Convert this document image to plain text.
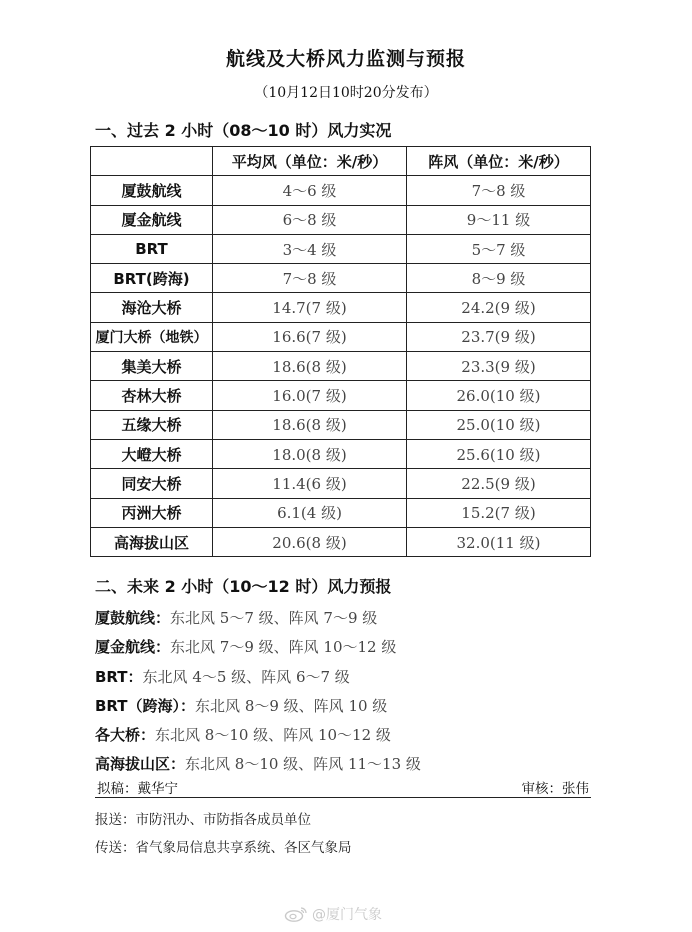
航线及大桥风力监测与预报
（10月12日10时20分发布）
一、过去 2 小时（08～10 时）风力实况
	平均风（单位：米/秒）	阵风（单位：米/秒）
厦鼓航线	4～6 级	7～8 级
厦金航线	6～8 级	9～11 级
BRT	3～4 级	5～7 级
BRT(跨海)	7～8 级	8～9 级
海沧大桥	14.7(7 级)	24.2(9 级)
厦门大桥（地铁）	16.6(7 级)	23.7(9 级)
集美大桥	18.6(8 级)	23.3(9 级)
杏林大桥	16.0(7 级)	26.0(10 级)
五缘大桥	18.6(8 级)	25.0(10 级)
大嶝大桥	18.0(8 级)	25.6(10 级)
同安大桥	11.4(6 级)	22.5(9 级)
丙洲大桥	6.1(4 级)	15.2(7 级)
高海拔山区	20.6(8 级)	32.0(11 级)
二、未来 2 小时（10～12 时）风力预报
厦鼓航线：东北风 5～7 级、阵风 7～9 级
厦金航线：东北风 7～9 级、阵风 10～12 级
BRT：东北风 4～5 级、阵风 6～7 级
BRT（跨海）：东北风 8～9 级、阵风 10 级
各大桥：东北风 8～10 级、阵风 10～12 级
高海拔山区：东北风 8～10 级、阵风 11～13 级
拟稿：戴华宁	审核：张伟
报送：市防汛办、市防指各成员单位
传送：省气象局信息共享系统、各区气象局
@厦门气象
